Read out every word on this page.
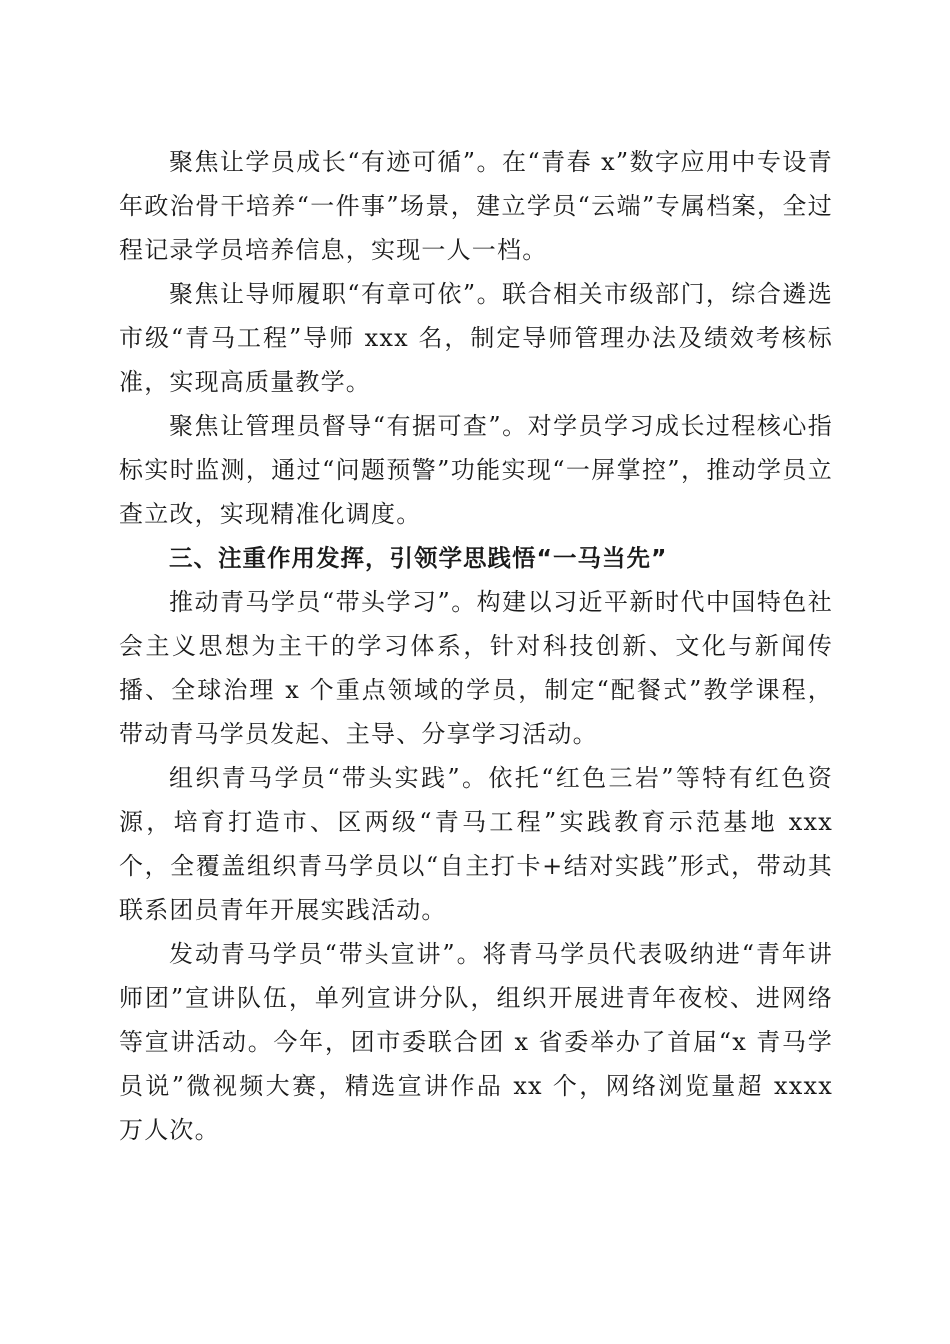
聚焦让学员成长“有迹可循”。在“青春 x”数字应用中专设青年政治骨干培养“一件事”场景，建立学员“云端”专属档案，全过程记录学员培养信息，实现一人一档。

聚焦让导师履职“有章可依”。联合相关市级部门，综合遴选市级“青马工程”导师 xxx 名，制定导师管理办法及绩效考核标准，实现高质量教学。

聚焦让管理员督导“有据可查”。对学员学习成长过程核心指标实时监测，通过“问题预警”功能实现“一屏掌控”，推动学员立查立改，实现精准化调度。

三、注重作用发挥，引领学思践悟“一马当先”

推动青马学员“带头学习”。构建以习近平新时代中国特色社会主义思想为主干的学习体系，针对科技创新、文化与新闻传播、全球治理 x 个重点领域的学员，制定“配餐式”教学课程，带动青马学员发起、主导、分享学习活动。

组织青马学员“带头实践”。依托“红色三岩”等特有红色资源，培育打造市、区两级“青马工程”实践教育示范基地 xxx 个，全覆盖组织青马学员以“自主打卡+结对实践”形式，带动其联系团员青年开展实践活动。

发动青马学员“带头宣讲”。将青马学员代表吸纳进“青年讲师团”宣讲队伍，单列宣讲分队，组织开展进青年夜校、进网络等宣讲活动。今年，团市委联合团 x 省委举办了首届“x 青马学员说”微视频大赛，精选宣讲作品 xx 个，网络浏览量超 xxxx 万人次。
